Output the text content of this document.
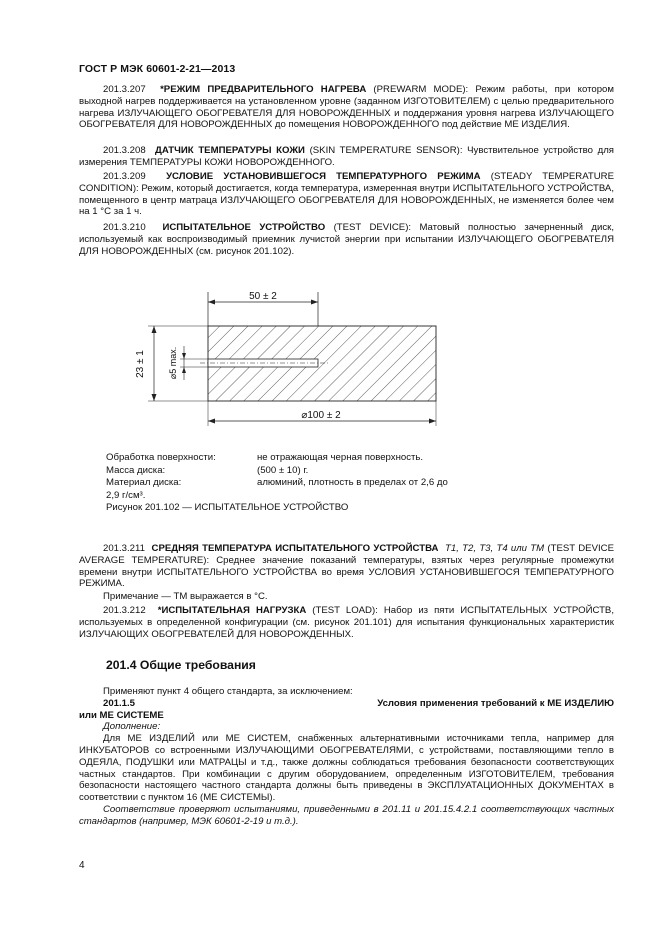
ГОСТ Р МЭК 60601-2-21—2013

201.3.207 *РЕЖИМ ПРЕДВАРИТЕЛЬНОГО НАГРЕВА (PREWARM MODE): Режим работы, при котором выходной нагрев поддерживается на установленном уровне (заданном ИЗГОТОВИТЕЛЕМ) с целью предварительного нагрева ИЗЛУЧАЮЩЕГО ОБОГРЕВАТЕЛЯ ДЛЯ НОВОРОЖДЕННЫХ и поддержания уровня нагрева ИЗЛУЧАЮЩЕГО ОБОГРЕВАТЕЛЯ ДЛЯ НОВОРОЖДЕННЫХ до помещения НОВОРОЖДЕННОГО под действие МЕ ИЗДЕЛИЯ.

201.3.208 ДАТЧИК ТЕМПЕРАТУРЫ КОЖИ (SKIN TEMPERATURE SENSOR): Чувствительное устройство для измерения ТЕМПЕРАТУРЫ КОЖИ НОВОРОЖДЕННОГО.

201.3.209 УСЛОВИЕ УСТАНОВИВШЕГОСЯ ТЕМПЕРАТУРНОГО РЕЖИМА (STEADY TEMPERATURE CONDITION): Режим, который достигается, когда температура, измеренная внутри ИСПЫТАТЕЛЬНОГО УСТРОЙСТВА, помещенного в центр матраца ИЗЛУЧАЮЩЕГО ОБОГРЕВАТЕЛЯ ДЛЯ НОВОРОЖДЕННЫХ, не изменяется более чем на 1 °С за 1 ч.

201.3.210 ИСПЫТАТЕЛЬНОЕ УСТРОЙСТВО (TEST DEVICE): Матовый полностью зачерненный диск, используемый как воспроизводимый приемник лучистой энергии при испытании ИЗЛУЧАЮЩЕГО ОБОГРЕВАТЕЛЯ ДЛЯ НОВОРОЖДЕННЫХ (см. рисунок 201.102).

50 ± 2
23 ± 1 ⌀5 max.
⌀100 ± 2
Обработка поверхности:	не отражающая черная поверхность.
Масса диска:	(500 ± 10) г.
Материал диска:	алюминий, плотность в пределах от 2,6 до
2,9 г/см³.
Рисунок 201.102 — ИСПЫТАТЕЛЬНОЕ УСТРОЙСТВО

201.3.211 СРЕДНЯЯ ТЕМПЕРАТУРА ИСПЫТАТЕЛЬНОГО УСТРОЙСТВА T1, T2, T3, T4 или TM (TEST DEVICE AVERAGE TEMPERATURE): Среднее значение показаний температуры, взятых через регулярные промежутки времени внутри ИСПЫТАТЕЛЬНОГО УСТРОЙСТВА во время УСЛОВИЯ УСТАНОВИВШЕГОСЯ ТЕМПЕРАТУРНОГО РЕЖИМА.

Примечание — TM выражается в °С.

201.3.212 *ИСПЫТАТЕЛЬНАЯ НАГРУЗКА (TEST LOAD): Набор из пяти ИСПЫТАТЕЛЬНЫХ УСТРОЙСТВ, используемых в определенной конфигурации (см. рисунок 201.101) для испытания функциональных характеристик ИЗЛУЧАЮЩИХ ОБОГРЕВАТЕЛЕЙ ДЛЯ НОВОРОЖДЕННЫХ.

201.4 Общие требования

Применяют пункт 4 общего стандарта, за исключением:

201.1.5	Условия применения требований к МЕ ИЗДЕЛИЮ

или МЕ СИСТЕМЕ

Дополнение:

Для МЕ ИЗДЕЛИЙ или МЕ СИСТЕМ, снабженных альтернативными источниками тепла, например для ИНКУБАТОРОВ со встроенными ИЗЛУЧАЮЩИМИ ОБОГРЕВАТЕЛЯМИ, с устройствами, поставляющими тепло в ОДЕЯЛА, ПОДУШКИ или МАТРАЦЫ и т.д., также должны соблюдаться требования безопасности соответствующих частных стандартов. При комбинации с другим оборудованием, определенным ИЗГОТОВИТЕЛЕМ, требования безопасности настоящего частного стандарта должны быть приведены в ЭКСПЛУАТАЦИОННЫХ ДОКУМЕНТАХ в соответствии с пунктом 16 (МЕ СИСТЕМЫ).

Соответствие проверяют испытаниями, приведенными в 201.11 и 201.15.4.2.1 соответствующих частных стандартов (например, МЭК 60601-2-19 и т.д.).

4
